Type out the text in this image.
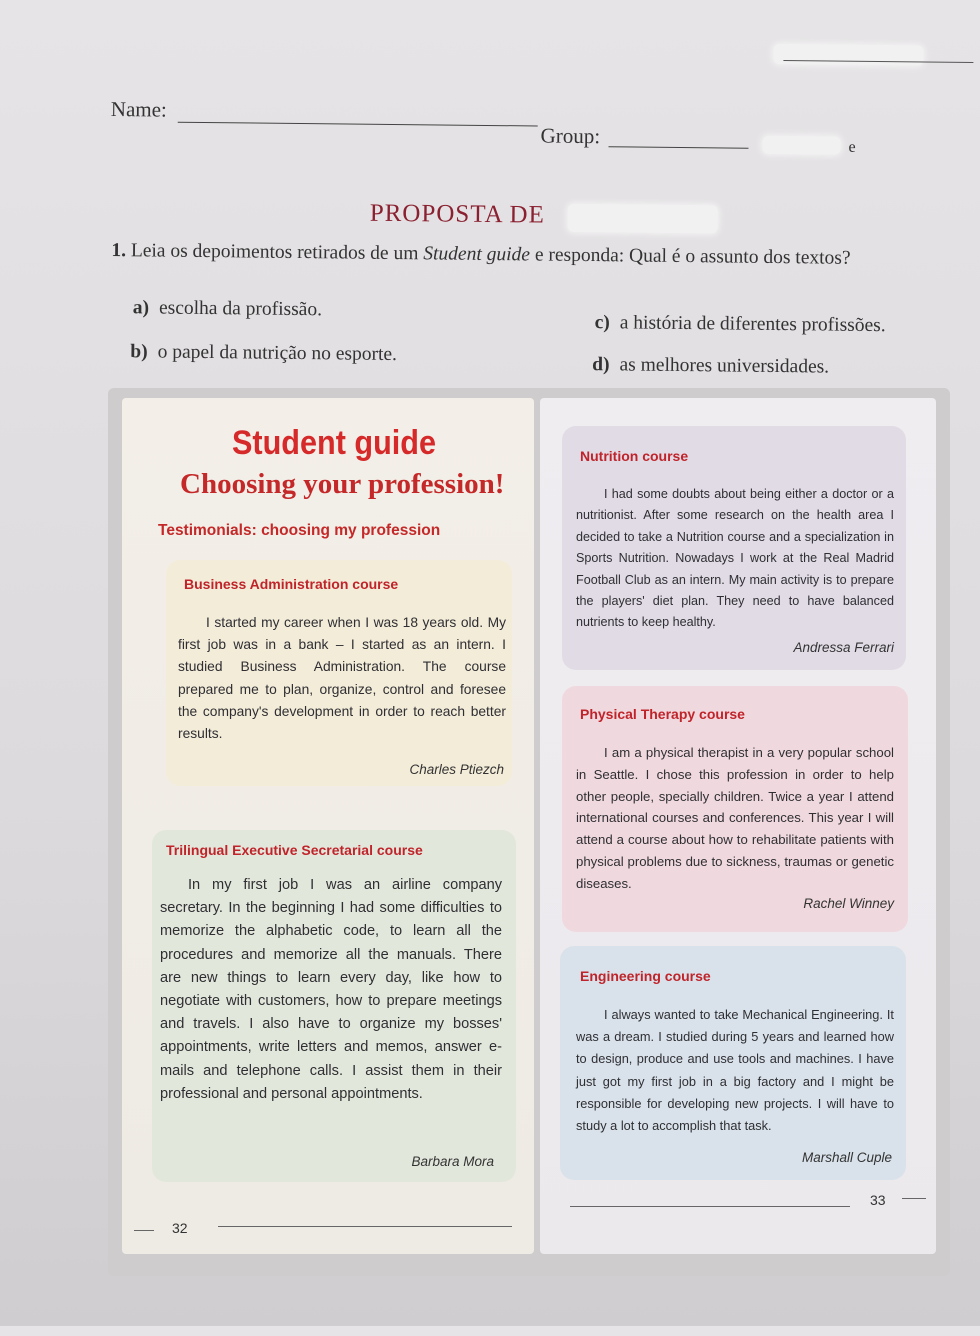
Name:
Group:	e
PROPOSTA DE
1. Leia os depoimentos retirados de um Student guide e responda: Qual é o assunto dos textos?
a) escolha da profissão.
b) o papel da nutrição no esporte.
c) a história de diferentes profissões.
d) as melhores universidades.
Student guide
Choosing your profession!
Testimonials: choosing my profession
Business Administration course
I started my career when I was 18 years old. My first job was in a bank – I started as an intern. I studied Business Administration. The course prepared me to plan, organize, control and foresee the company's development in order to reach better results.
Charles Ptiezch
Trilingual Executive Secretarial course
In my first job I was an airline company secretary. In the beginning I had some difficulties to memorize the alphabetic code, to learn all the procedures and memorize all the manuals. There are new things to learn every day, like how to negotiate with customers, how to prepare meetings and travels. I also have to organize my bosses' appointments, write letters and memos, answer e-mails and telephone calls. I assist them in their professional and personal appointments.
Barbara Mora
32
Nutrition course
I had some doubts about being either a doctor or a nutritionist. After some research on the health area I decided to take a Nutrition course and a specialization in Sports Nutrition. Nowadays I work at the Real Madrid Football Club as an intern. My main activity is to prepare the players' diet plan. They need to have balanced nutrients to keep healthy.
Andressa Ferrari
Physical Therapy course
I am a physical therapist in a very popular school in Seattle. I chose this profession in order to help other people, specially children. Twice a year I attend international courses and conferences. This year I will attend a course about how to rehabilitate patients with physical problems due to sickness, traumas or genetic diseases.
Rachel Winney
Engineering course
I always wanted to take Mechanical Engineering. It was a dream. I studied during 5 years and learned how to design, produce and use tools and machines. I have just got my first job in a big factory and I might be responsible for developing new projects. I will have to study a lot to accomplish that task.
Marshall Cuple
33
